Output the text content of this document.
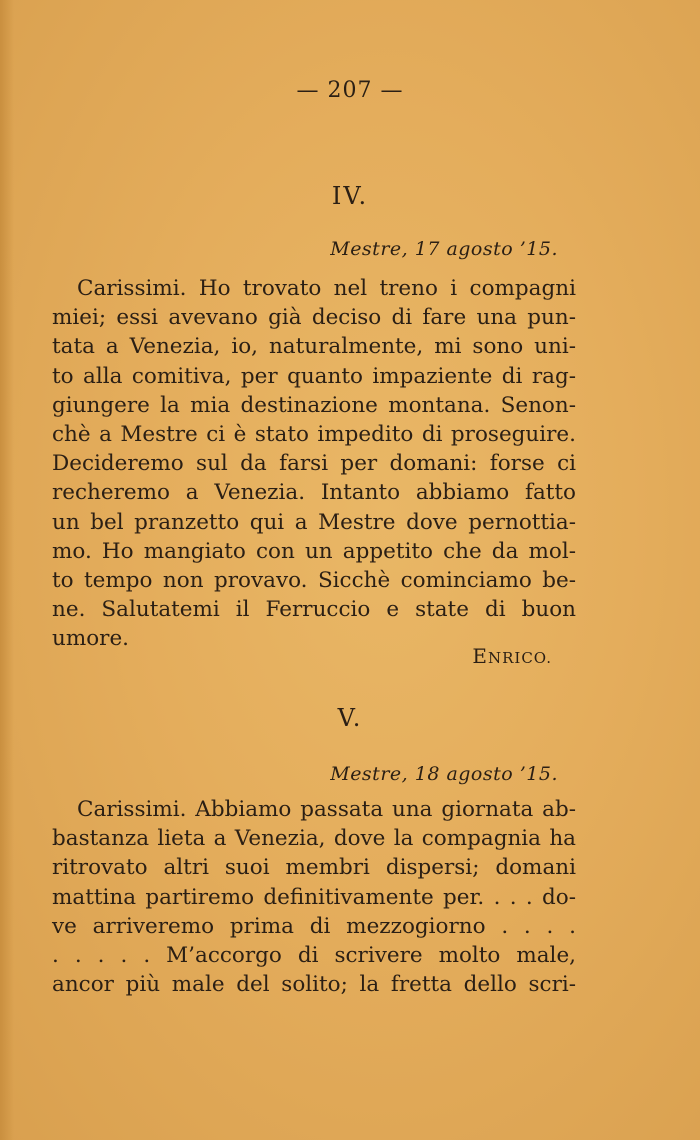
— 207 —
IV.
Mestre, 17 agosto ’15.
Carissimi. Ho trovato nel treno i compagni
miei; essi avevano già deciso di fare una pun-
tata a Venezia, io, naturalmente, mi sono uni-
to alla comitiva, per quanto impaziente di rag-
giungere la mia destinazione montana. Senon-
chè a Mestre ci è stato impedito di proseguire.
Decideremo sul da farsi per domani: forse ci
recheremo a Venezia. Intanto abbiamo fatto
un bel pranzetto qui a Mestre dove pernottia-
mo. Ho mangiato con un appetito che da mol-
to tempo non provavo. Sicchè cominciamo be-
ne. Salutatemi il Ferruccio e state di buon
umore.
ENRICO.
V.
Mestre, 18 agosto ’15.
Carissimi. Abbiamo passata una giornata ab-
bastanza lieta a Venezia, dove la compagnia ha
ritrovato altri suoi membri dispersi; domani
mattina partiremo definitivamente per. . . . do-
ve arriveremo prima di mezzogiorno . . . .
. . . . . M’accorgo di scrivere molto male,
ancor più male del solito; la fretta dello scri-
